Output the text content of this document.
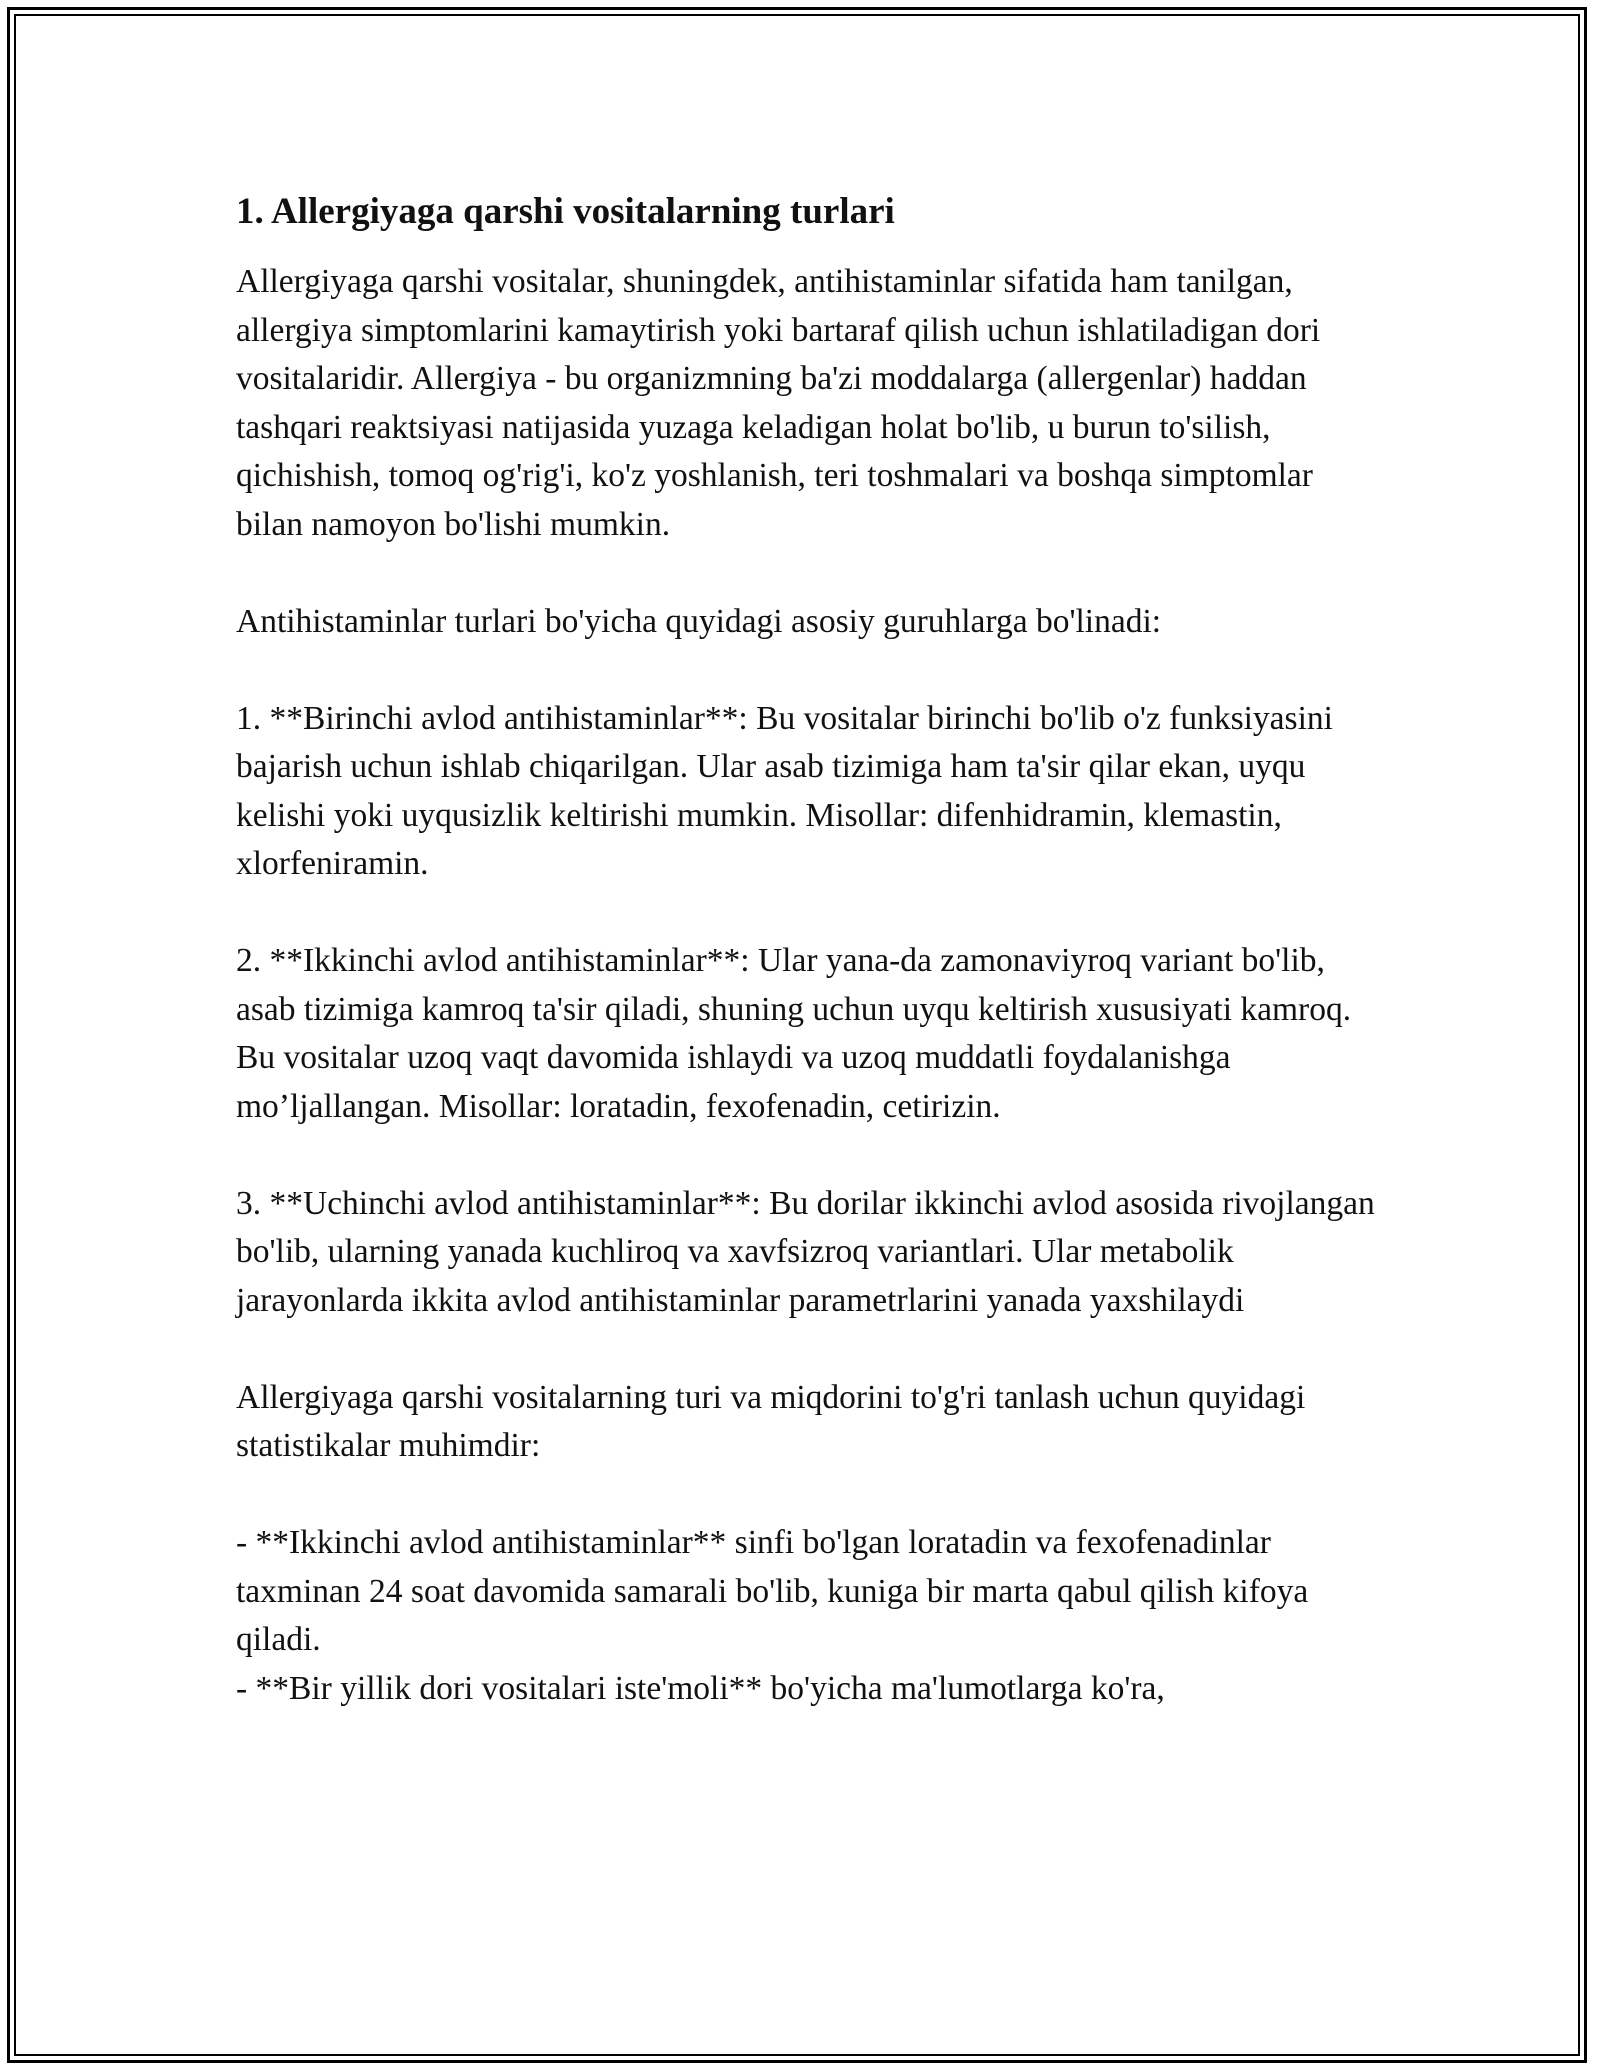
1. Allergiyaga qarshi vositalarning turlari

Allergiyaga qarshi vositalar, shuningdek, antihistaminlar sifatida ham tanilgan, allergiya simptomlarini kamaytirish yoki bartaraf qilish uchun ishlatiladigan dori vositalaridir. Allergiya - bu organizmning ba'zi moddalarga (allergenlar) haddan tashqari reaktsiyasi natijasida yuzaga keladigan holat bo'lib, u burun to'silish, qichishish, tomoq og'rig'i, ko'z yoshlanish, teri toshmalari va boshqa simptomlar bilan namoyon bo'lishi mumkin.

Antihistaminlar turlari bo'yicha quyidagi asosiy guruhlarga bo'linadi:

1. **Birinchi avlod antihistaminlar**: Bu vositalar birinchi bo'lib o'z funksiyasini bajarish uchun ishlab chiqarilgan. Ular asab tizimiga ham ta'sir qilar ekan, uyqu kelishi yoki uyqusizlik keltirishi mumkin. Misollar: difenhidramin, klemastin, xlorfeniramin.

2. **Ikkinchi avlod antihistaminlar**: Ular yana-da zamonaviyroq variant bo'lib, asab tizimiga kamroq ta'sir qiladi, shuning uchun uyqu keltirish xususiyati kamroq. Bu vositalar uzoq vaqt davomida ishlaydi va uzoq muddatli foydalanishga mo’ljallangan. Misollar: loratadin, fexofenadin, cetirizin.

3. **Uchinchi avlod antihistaminlar**: Bu dorilar ikkinchi avlod asosida rivojlangan bo'lib, ularning yanada kuchliroq va xavfsizroq variantlari. Ular metabolik jarayonlarda ikkita avlod antihistaminlar parametrlarini yanada yaxshilaydi

Allergiyaga qarshi vositalarning turi va miqdorini to'g'ri tanlash uchun quyidagi statistikalar muhimdir:

- **Ikkinchi avlod antihistaminlar** sinfi bo'lgan loratadin va fexofenadinlar taxminan 24 soat davomida samarali bo'lib, kuniga bir marta qabul qilish kifoya qiladi.

- **Bir yillik dori vositalari iste'moli** bo'yicha ma'lumotlarga ko'ra,
